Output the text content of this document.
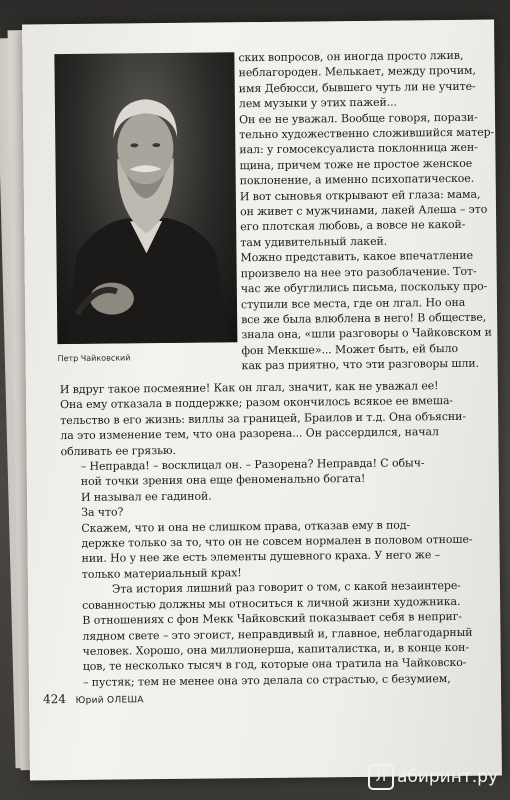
Петр Чайковский

ских вопросов, он иногда просто лжив,

неблагороден. Мелькает, между прочим,

имя Дебюсси, бывшего чуть ли не учите-

лем музыки у этих пажей...

Он ее не уважал. Вообще говоря, порази-

тельно художественно сложившийся матер-

иал: у гомосексуалиста поклонница жен-

щина, причем тоже не простое женское

поклонение, а именно психопатическое.

И вот сыновья открывают ей глаза: мама,

он живет с мужчинами, лакей Алеша – это

его плотская любовь, а вовсе не какой-

там удивительный лакей.

Можно представить, какое впечатление

произвело на нее это разоблачение. Тот-

час же обуглились письма, поскольку про-

ступили все места, где он лгал. Но она

все же была влюблена в него! В обществе,

знала она, «шли разговоры о Чайковском и

фон Меккше»... Может быть, ей было

как раз приятно, что эти разговоры шли.

И вдруг такое посмеяние! Как он лгал, значит, как не уважал ее!

Она ему отказала в поддержке; разом окончилось всякое ее вмеша-

тельство в его жизнь: виллы за границей, Браилов и т.д. Она объясни-

ла это изменение тем, что она разорена... Он рассердился, начал

обливать ее грязью.

– Неправда! – восклицал он. – Разорена? Неправда! С обыч-

ной точки зрения она еще феноменально богата!

И называл ее гадиной.

За что?

Скажем, что и она не слишком права, отказав ему в под-

держке только за то, что он не совсем нормален в половом отноше-

нии. Но у нее же есть элементы душевного краха. У него же –

только материальный крах!

Эта история лишний раз говорит о том, с какой незаинтере-

сованностью должны мы относиться к личной жизни художника.

В отношениях с фон Мекк Чайковский показывает себя в неприг-

лядном свете – это эгоист, неправдивый и, главное, неблагодарный

человек. Хорошо, она миллионерша, капиталистка, и, в конце кон-

цов, те несколько тысяч в год, которые она тратила на Чайковско-

– пустяк; тем не менее она это делала со страстью, с безумием,

424 Юрий ОЛЕША
Л абиринт.ру
